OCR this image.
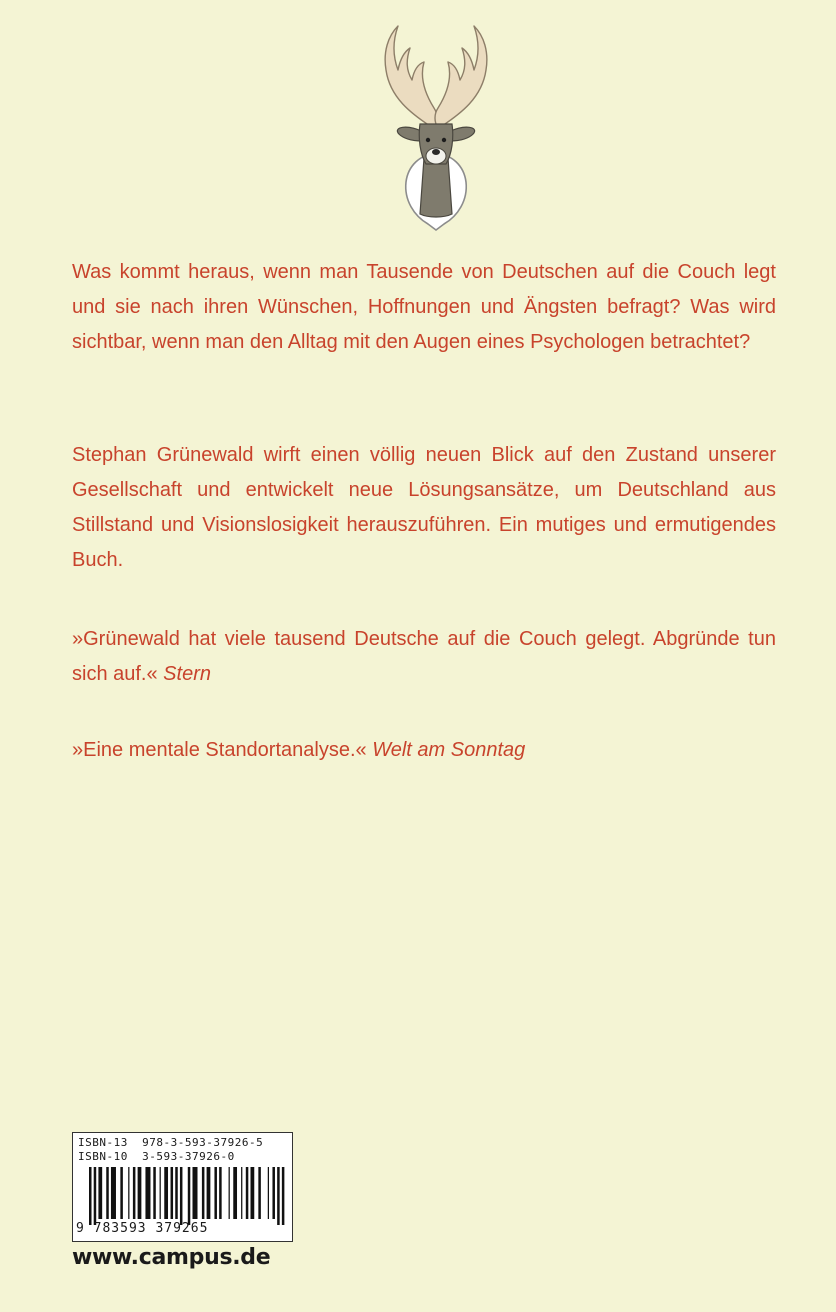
Was kommt heraus, wenn man Tausende von Deutschen auf die Couch legt und sie nach ihren Wünschen, Hoffnungen und Ängsten befragt? Was wird sichtbar, wenn man den Alltag mit den Augen eines Psychologen betrachtet?

Stephan Grünewald wirft einen völlig neuen Blick auf den Zustand unserer Gesellschaft und entwickelt neue Lösungsansätze, um Deutschland aus Stillstand und Visionslosigkeit herauszuführen. Ein mutiges und ermutigendes Buch.

»Grünewald hat viele tausend Deutsche auf die Couch gelegt. Abgründe tun sich auf.« Stern

»Eine mentale Standortanalyse.« Welt am Sonntag

ISBN-13 978-3-593-37926-5
ISBN-10 3-593-37926-0
9 783593 379265
www.campus.de
